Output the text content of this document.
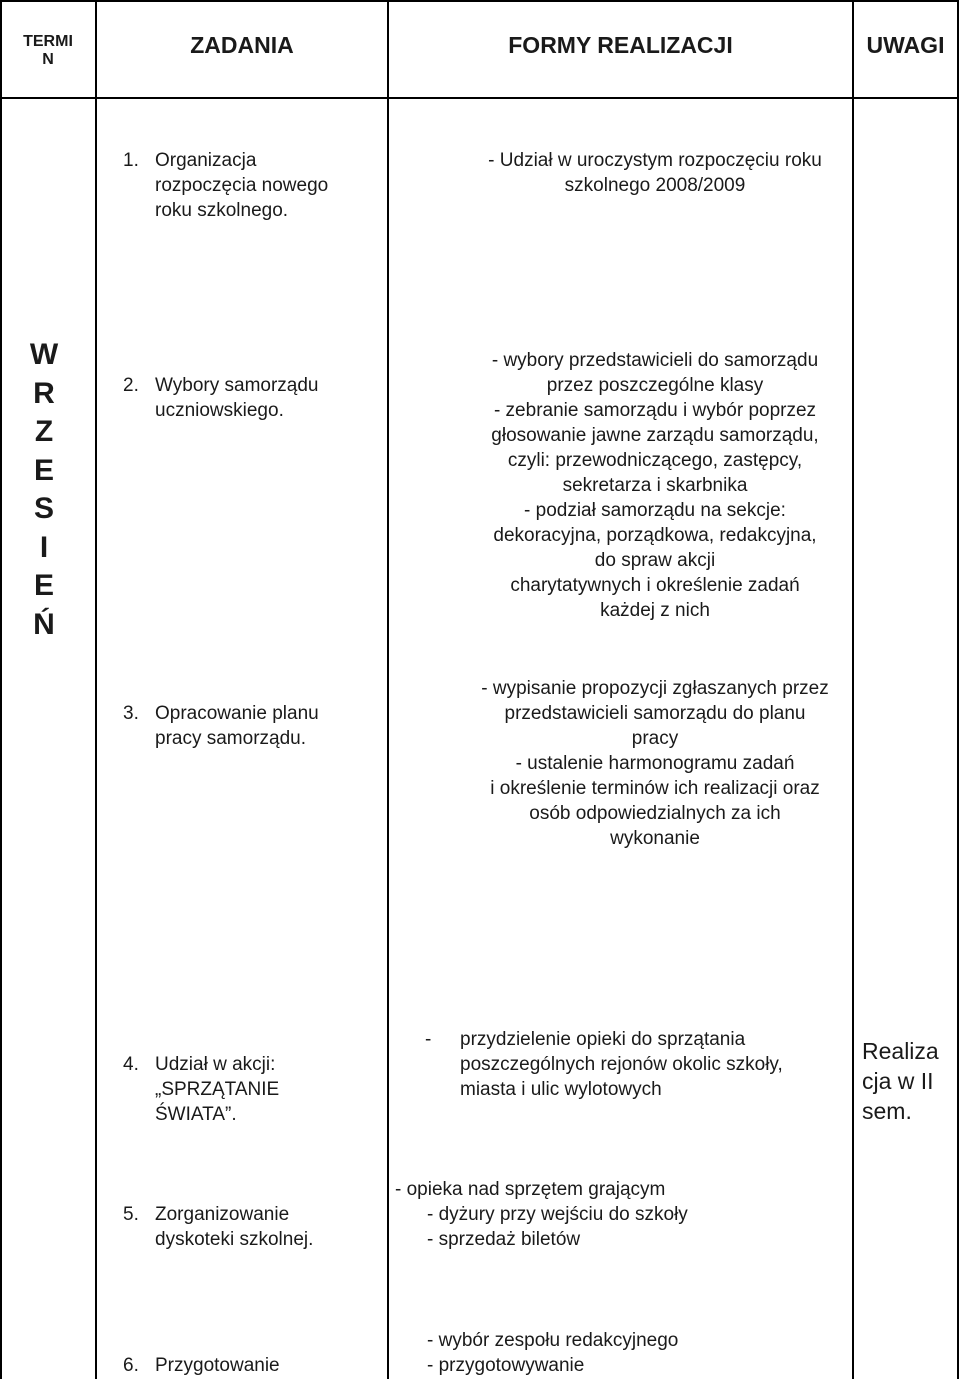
TERMI
N
ZADANIA	FORMY REALIZACJI	UWAGI
W
R
Z
E
S
I
E
Ń
1. Organizacja
rozpoczęcia nowego
roku szkolnego.
2. Wybory samorządu
uczniowskiego.
3. Opracowanie planu
pracy samorządu.
4. Udział w akcji:
„SPRZĄTANIE
ŚWIATA”.
5. Zorganizowanie
dyskoteki szkolnej.
6. Przygotowanie
- Udział w uroczystym rozpoczęciu roku
szkolnego 2008/2009
- wybory przedstawicieli do samorządu
przez poszczególne klasy
- zebranie samorządu i wybór poprzez
głosowanie jawne zarządu samorządu,
czyli: przewodniczącego, zastępcy,
sekretarza i skarbnika
- podział samorządu na sekcje:
dekoracyjna, porządkowa, redakcyjna,
do spraw akcji
charytatywnych i określenie zadań
każdej z nich
- wypisanie propozycji zgłaszanych przez
przedstawicieli samorządu do planu
pracy
- ustalenie harmonogramu zadań
i określenie terminów ich realizacji oraz
osób odpowiedzialnych za ich
wykonanie
- przydzielenie opieki do sprzątania
poszczególnych rejonów okolic szkoły,
miasta i ulic wylotowych
- opieka nad sprzętem grającym
- dyżury przy wejściu do szkoły
- sprzedaż biletów
- wybór zespołu redakcyjnego
- przygotowywanie
Realiza
cja w II
sem.
